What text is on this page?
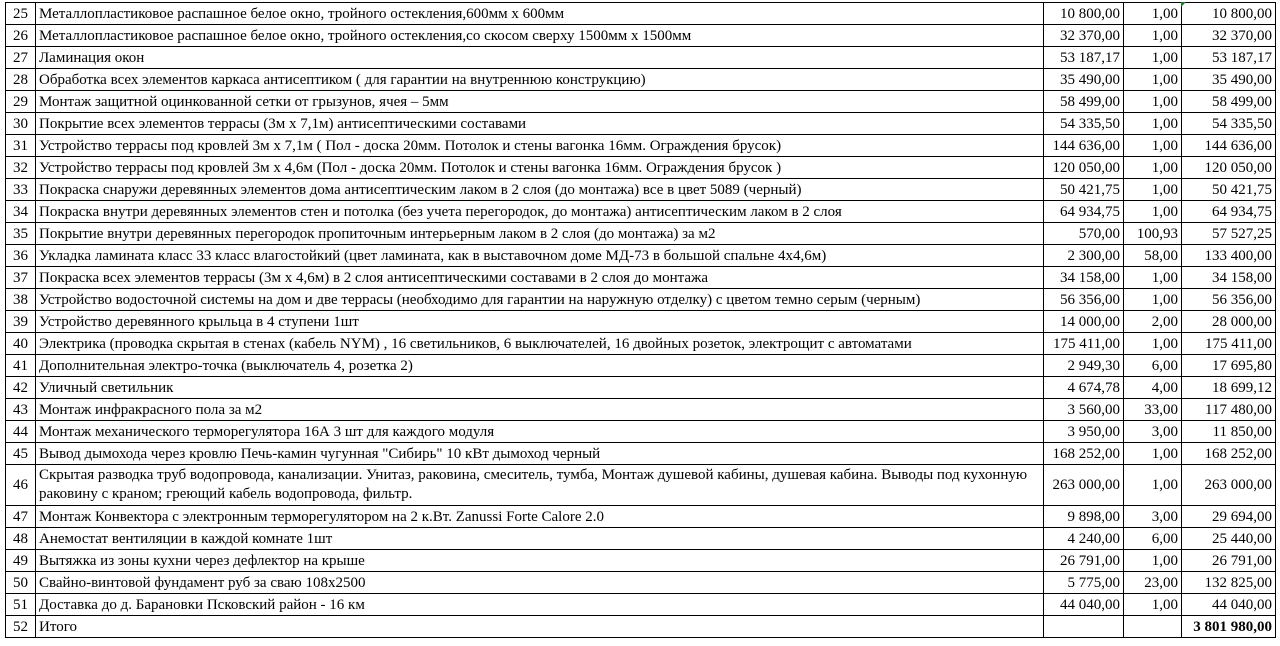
25	Металлопластиковое распашное белое окно, тройного остекления,600мм х 600мм	10 800,00	1,00	10 800,00
26	Металлопластиковое распашное белое окно, тройного остекления,со скосом сверху 1500мм х 1500мм	32 370,00	1,00	32 370,00
27	Ламинация окон	53 187,17	1,00	53 187,17
28	Обработка всех элементов каркаса антисептиком ( для гарантии на внутреннюю конструкцию)	35 490,00	1,00	35 490,00
29	Монтаж защитной оцинкованной сетки от грызунов, ячея – 5мм	58 499,00	1,00	58 499,00
30	Покрытие всех элементов террасы (3м х 7,1м) антисептическими составами	54 335,50	1,00	54 335,50
31	Устройство террасы под кровлей 3м х 7,1м ( Пол - доска 20мм. Потолок и стены вагонка 16мм. Ограждения брусок)	144 636,00	1,00	144 636,00
32	Устройство террасы под кровлей 3м х 4,6м (Пол - доска 20мм. Потолок и стены вагонка 16мм. Ограждения брусок )	120 050,00	1,00	120 050,00
33	Покраска снаружи деревянных элементов дома антисептическим лаком в 2 слоя (до монтажа) все в цвет 5089 (черный)	50 421,75	1,00	50 421,75
34	Покраска внутри деревянных элементов стен и потолка (без учета перегородок, до монтажа) антисептическим лаком в 2 слоя	64 934,75	1,00	64 934,75
35	Покрытие внутри деревянных перегородок пропиточным интерьерным лаком в 2 слоя (до монтажа) за м2	570,00	100,93	57 527,25
36	Укладка ламината класс 33 класс влагостойкий (цвет ламината, как в выставочном доме МД-73 в большой спальне 4х4,6м)	2 300,00	58,00	133 400,00
37	Покраска всех элементов террасы (3м х 4,6м) в 2 слоя антисептическими составами в 2 слоя до монтажа	34 158,00	1,00	34 158,00
38	Устройство водосточной системы на дом и две террасы (необходимо для гарантии на наружную отделку) с цветом темно серым (черным)	56 356,00	1,00	56 356,00
39	Устройство деревянного крыльца в 4 ступени 1шт	14 000,00	2,00	28 000,00
40	Электрика (проводка скрытая в стенах (кабель NYM) , 16 светильников, 6 выключателей, 16 двойных розеток, электрощит с автоматами	175 411,00	1,00	175 411,00
41	Дополнительная электро-точка (выключатель 4, розетка 2)	2 949,30	6,00	17 695,80
42	Уличный светильник	4 674,78	4,00	18 699,12
43	Монтаж инфракрасного пола за м2	3 560,00	33,00	117 480,00
44	Монтаж механического терморегулятора 16А 3 шт для каждого модуля	3 950,00	3,00	11 850,00
45	Вывод дымохода через кровлю Печь-камин чугунная "Сибирь" 10 кВт дымоход черный	168 252,00	1,00	168 252,00
46	Скрытая разводка труб водопровода, канализации. Унитаз, раковина, смеситель, тумба, Монтаж душевой кабины, душевая кабина. Выводы под кухонную раковину с краном; греющий кабель водопровода, фильтр.	263 000,00	1,00	263 000,00
47	Монтаж Конвектора с электронным терморегулятором на 2 к.Вт. Zanussi Forte Calore 2.0	9 898,00	3,00	29 694,00
48	Анемостат вентиляции в каждой комнате 1шт	4 240,00	6,00	25 440,00
49	Вытяжка из зоны кухни через дефлектор на крыше	26 791,00	1,00	26 791,00
50	Свайно-винтовой фундамент руб за сваю 108х2500	5 775,00	23,00	132 825,00
51	Доставка до д. Барановки Псковский район - 16 км	44 040,00	1,00	44 040,00
52	Итого			3 801 980,00
